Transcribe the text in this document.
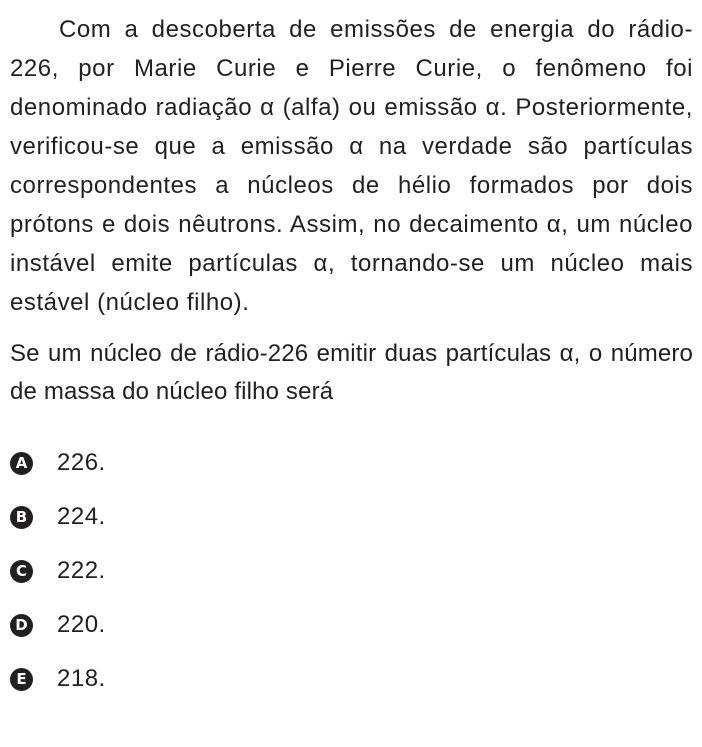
Com a descoberta de emissões de energia do rádio-226, por Marie Curie e Pierre Curie, o fenômeno foi denominado radiação α (alfa) ou emissão α. Posteriormente, verificou-se que a emissão α na verdade são partículas correspondentes a núcleos de hélio formados por dois prótons e dois nêutrons. Assim, no decaimento α, um núcleo instável emite partículas α, tornando-se um núcleo mais estável (núcleo filho).

Se um núcleo de rádio-226 emitir duas partículas α, o número de massa do núcleo filho será

A 226.
B 224.
C 222.
D 220.
E 218.
